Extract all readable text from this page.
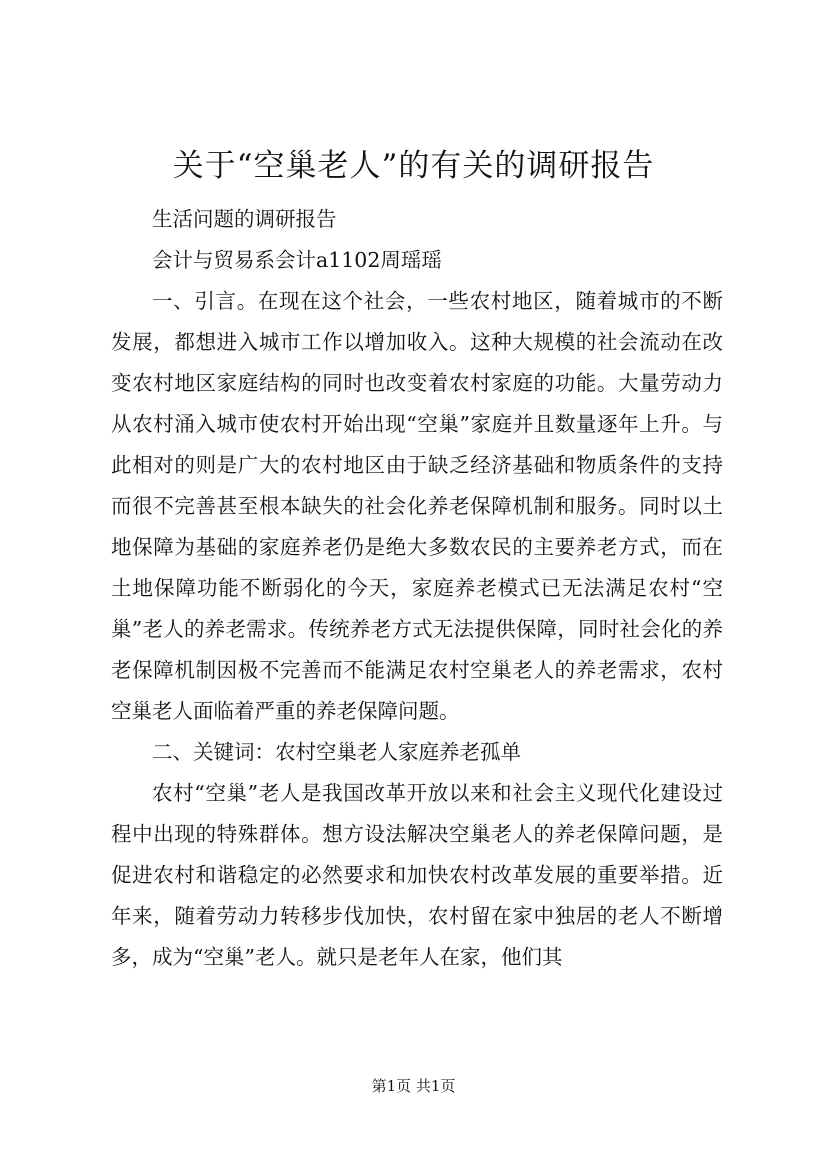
关于“空巢老人”的有关的调研报告

生活问题的调研报告

会计与贸易系会计a1102周瑶瑶

一、引言。在现在这个社会，一些农村地区，随着城市的不断发展，都想进入城市工作以增加收入。这种大规模的社会流动在改变农村地区家庭结构的同时也改变着农村家庭的功能。大量劳动力从农村涌入城市使农村开始出现“空巢”家庭并且数量逐年上升。与此相对的则是广大的农村地区由于缺乏经济基础和物质条件的支持而很不完善甚至根本缺失的社会化养老保障机制和服务。同时以土地保障为基础的家庭养老仍是绝大多数农民的主要养老方式，而在土地保障功能不断弱化的今天，家庭养老模式已无法满足农村“空巢”老人的养老需求。传统养老方式无法提供保障，同时社会化的养老保障机制因极不完善而不能满足农村空巢老人的养老需求，农村空巢老人面临着严重的养老保障问题。

二、关键词：农村空巢老人家庭养老孤单

农村“空巢”老人是我国改革开放以来和社会主义现代化建设过程中出现的特殊群体。想方设法解决空巢老人的养老保障问题，是促进农村和谐稳定的必然要求和加快农村改革发展的重要举措。近年来，随着劳动力转移步伐加快，农村留在家中独居的老人不断增多，成为“空巢”老人。就只是老年人在家，他们其

第1页 共1页
